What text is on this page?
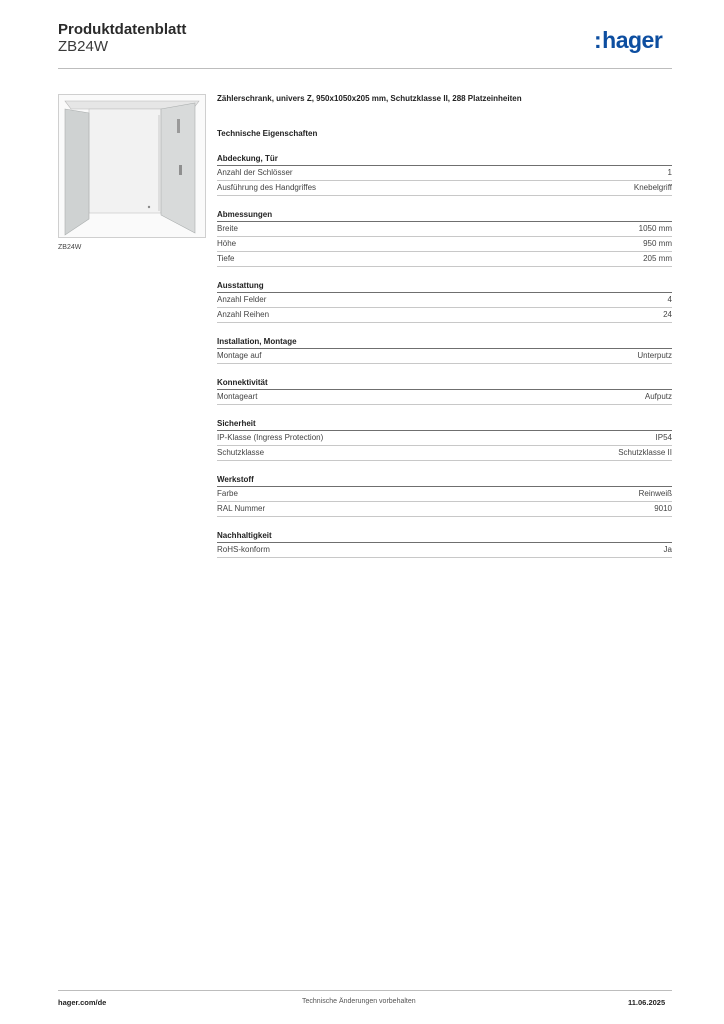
Produktdatenblatt
ZB24W	:hager
ZB24W
Zählerschrank, univers Z, 950x1050x205 mm, Schutzklasse II, 288 Platzeinheiten
Technische Eigenschaften
Abdeckung, Tür
Anzahl der Schlösser	1
Ausführung des Handgriffes	Knebelgriff
Abmessungen
Breite	1050 mm
Höhe	950 mm
Tiefe	205 mm
Ausstattung
Anzahl Felder	4
Anzahl Reihen	24
Installation, Montage
Montage auf	Unterputz
Konnektivität
Montageart	Aufputz
Sicherheit
IP-Klasse (Ingress Protection)	IP54
Schutzklasse	Schutzklasse II
Werkstoff
Farbe	Reinweiß
RAL Nummer	9010
Nachhaltigkeit
RoHS-konform	Ja
hager.com/de	Technische Änderungen vorbehalten	11.06.2025
